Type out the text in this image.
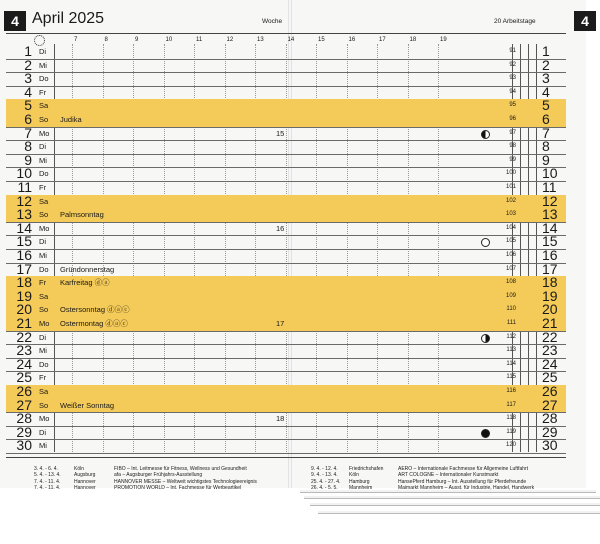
4 April 2025	Woche	20 Arbeitstage	4
7	8	9	10	11	12	13	14	15	16	17	18	19
1 Di	91 1
2 Mi	92 2
3 Do	93 3
4 Fr	94 4
5 Sa	95 5
6 So Judika	96 6
7 Mo	15	97 7
8 Di	98 8
9 Mi	99 9
10 Do	100 10
11 Fr	101 11
12 Sa	102 12
13 So Palmsonntag	103 13
14 Mo	16	104 14
15 Di	105 15
16 Mi	106 16
17 Do Gründonnerstag	107 17
18 Fr Karfreitag ⓓⓐ	108 18
19 Sa	109 19
20 So Ostersonntag ⓓⓐⓒ	110 20
21 Mo Ostermontag ⓓⓐⓒ	17	111 21
22 Di	112 22
23 Mi	113 23
24 Do	114 24
25 Fr	115 25
26 Sa	116 26
27 So Weißer Sonntag	117 27
28 Mo	18	118 28
29 Di	119 29
30 Mi	120 30
3. 4. - 6. 4.	Köln	FIBO – Int. Leitmesse für Fitness, Wellness und Gesundheit
5. 4. - 13. 4.	Augsburg	afa – Augsburger Frühjahrs-Ausstellung
7. 4. - 11. 4.	Hannover	HANNOVER MESSE – Weltweit wichtigstes Technologieereignis
7. 4. - 11. 4.	Hannover	PROMOTION WORLD – Int. Fachmesse für Werbeartikel
9. 4. - 12. 4. Friedrichshafen	AERO – Internationale Fachmesse für Allgemeine Luftfahrt
9. 4. - 13. 4. Köln	ART COLOGNE – Internationaler Kunstmarkt
25. 4. - 27. 4. Hamburg	HansePferd Hamburg – Int. Ausstellung für Pferdefreunde
26. 4. - 5. 5. Mannheim	Maimarkt Mannheim – Ausst. für Industrie, Handel, Handwerk
